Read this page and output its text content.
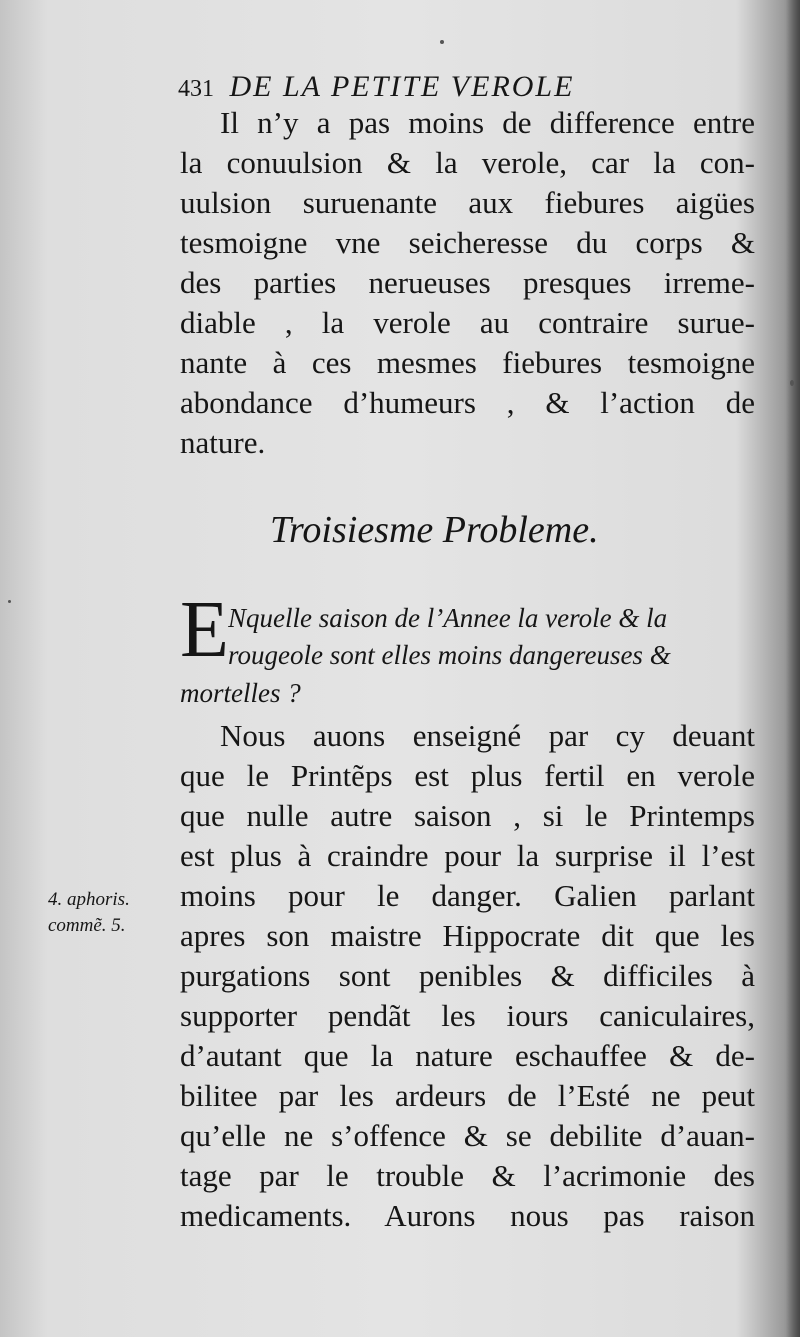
431 DE LA PETITE VEROLE
Il n’y a pas moins de difference entre
la conuulsion & la verole, car la con-
uulsion suruenante aux fiebures aigües
tesmoigne vne seicheresse du corps &
des parties nerueuses presques irreme-
diable , la verole au contraire surue-
nante à ces mesmes fiebures tesmoigne
abondance d’humeurs , & l’action de
nature.
Troisiesme Probleme.
E Nquelle saison de l’Annee la verole & la
rougeole sont elles moins dangereuses &
mortelles ?
Nous auons enseigné par cy deuant
que le Printẽps est plus fertil en verole
que nulle autre saison , si le Printemps
est plus à craindre pour la surprise il l’est
moins pour le danger. Galien parlant
apres son maistre Hippocrate dit que les
purgations sont penibles & difficiles à
supporter pendãt les iours caniculaires,
d’autant que la nature eschauffee & de-
bilitee par les ardeurs de l’Esté ne peut
qu’elle ne s’offence & se debilite d’auan-
tage par le trouble & l’acrimonie des
medicaments. Aurons nous pas raison
4. aphoris.
commẽ. 5.
